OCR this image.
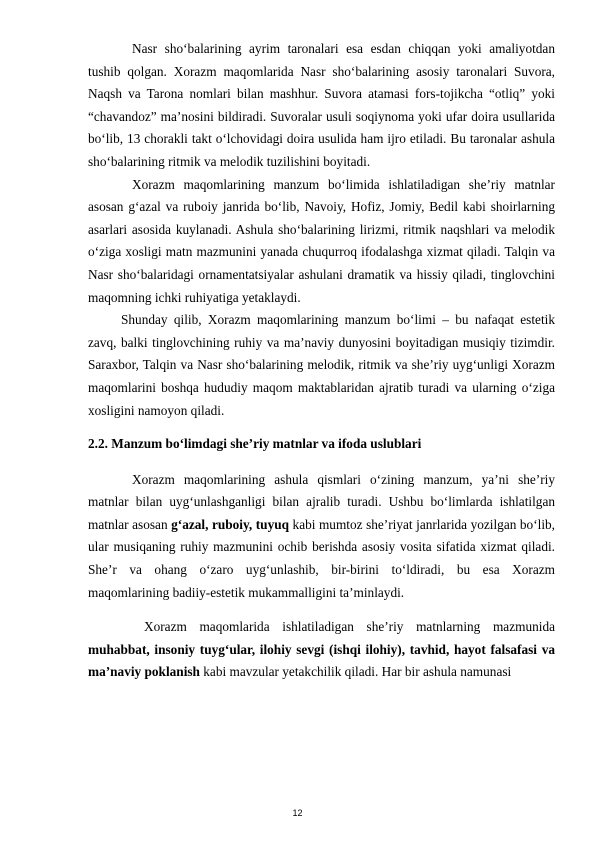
Nasr sho‘balarining ayrim taronalari esa esdan chiqqan yoki amaliyotdan tushib qolgan. Xorazm maqomlarida Nasr sho‘balarining asosiy taronalari Suvora, Naqsh va Tarona nomlari bilan mashhur. Suvora atamasi fors-tojikcha “otliq” yoki “chavandoz” ma’nosini bildiradi. Suvoralar usuli soqiynoma yoki ufar doira usullarida bo‘lib, 13 chorakli takt o‘lchovidagi doira usulida ham ijro etiladi. Bu taronalar ashula sho‘balarining ritmik va melodik tuzilishini boyitadi.

Xorazm maqomlarining manzum bo‘limida ishlatiladigan she’riy matnlar asosan g‘azal va ruboiy janrida bo‘lib, Navoiy, Hofiz, Jomiy, Bedil kabi shoirlarning asarlari asosida kuylanadi. Ashula sho‘balarining lirizmi, ritmik naqshlari va melodik o‘ziga xosligi matn mazmunini yanada chuqurroq ifodalashga xizmat qiladi. Talqin va Nasr sho‘balaridagi ornamentatsiyalar ashulani dramatik va hissiy qiladi, tinglovchini maqomning ichki ruhiyatiga yetaklaydi.

Shunday qilib, Xorazm maqomlarining manzum bo‘limi – bu nafaqat estetik zavq, balki tinglovchining ruhiy va ma’naviy dunyosini boyitadigan musiqiy tizimdir. Saraxbor, Talqin va Nasr sho‘balarining melodik, ritmik va she’riy uyg‘unligi Xorazm maqomlarini boshqa hududiy maqom maktablaridan ajratib turadi va ularning o‘ziga xosligini namoyon qiladi.

2.2. Manzum bo‘limdagi she’riy matnlar va ifoda uslublari

Xorazm maqomlarining ashula qismlari o‘zining manzum, ya’ni she’riy matnlar bilan uyg‘unlashganligi bilan ajralib turadi. Ushbu bo‘limlarda ishlatilgan matnlar asosan g‘azal, ruboiy, tuyuq kabi mumtoz she’riyat janrlarida yozilgan bo‘lib, ular musiqaning ruhiy mazmunini ochib berishda asosiy vosita sifatida xizmat qiladi. She’r va ohang o‘zaro uyg‘unlashib, bir-birini to‘ldiradi, bu esa Xorazm maqomlarining badiiy-estetik mukammalligini ta’minlaydi.

Xorazm maqomlarida ishlatiladigan she’riy matnlarning mazmunida muhabbat, insoniy tuyg‘ular, ilohiy sevgi (ishqi ilohiy), tavhid, hayot falsafasi va ma’naviy poklanish kabi mavzular yetakchilik qiladi. Har bir ashula namunasi

12
